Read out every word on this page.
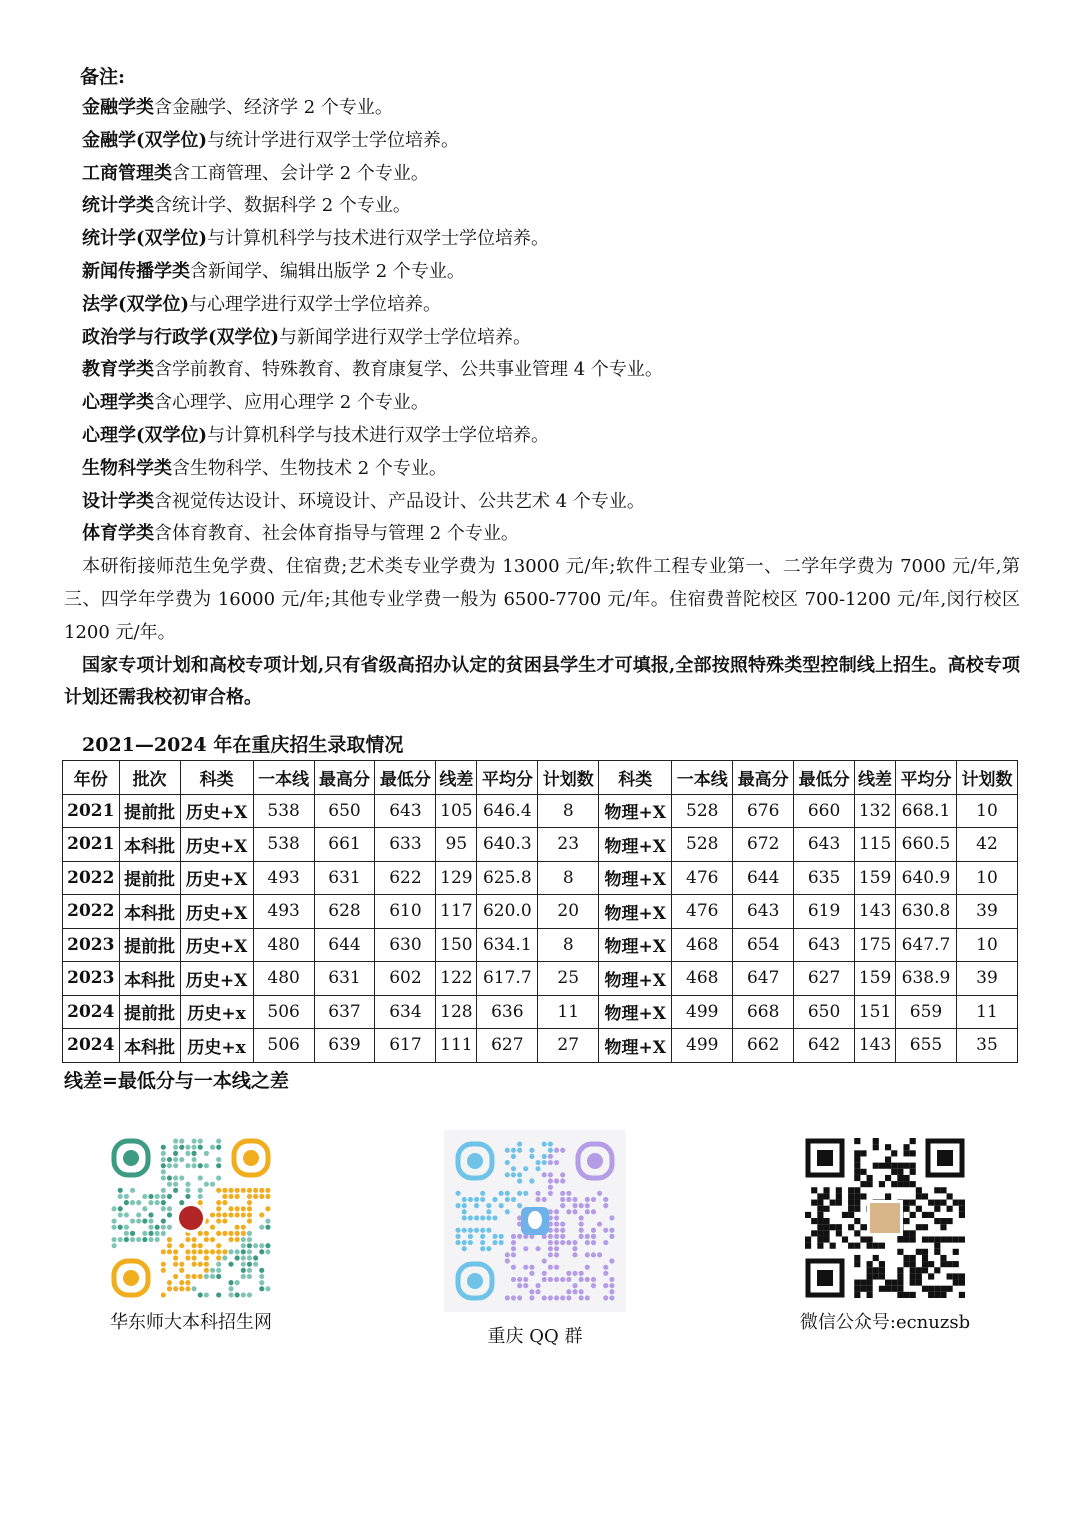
备注:
金融学类含金融学、经济学 2 个专业。
金融学(双学位)与统计学进行双学士学位培养。
工商管理类含工商管理、会计学 2 个专业。
统计学类含统计学、数据科学 2 个专业。
统计学(双学位)与计算机科学与技术进行双学士学位培养。
新闻传播学类含新闻学、编辑出版学 2 个专业。
法学(双学位)与心理学进行双学士学位培养。
政治学与行政学(双学位)与新闻学进行双学士学位培养。
教育学类含学前教育、特殊教育、教育康复学、公共事业管理 4 个专业。
心理学类含心理学、应用心理学 2 个专业。
心理学(双学位)与计算机科学与技术进行双学士学位培养。
生物科学类含生物科学、生物技术 2 个专业。
设计学类含视觉传达设计、环境设计、产品设计、公共艺术 4 个专业。
体育学类含体育教育、社会体育指导与管理 2 个专业。
本研衔接师范生免学费、住宿费;艺术类专业学费为 13000 元/年;软件工程专业第一、二学年学费为 7000 元/年,第三、四学年学费为 16000 元/年;其他专业学费一般为 6500-7700 元/年。住宿费普陀校区 700-1200 元/年,闵行校区 1200 元/年。
国家专项计划和高校专项计划,只有省级高招办认定的贫困县学生才可填报,全部按照特殊类型控制线上招生。高校专项计划还需我校初审合格。
2021—2024 年在重庆招生录取情况
年份	批次	科类	一本线	最高分	最低分	线差	平均分	计划数	科类	一本线	最高分	最低分	线差	平均分	计划数
2021	提前批	历史+X	538	650	643	105	646.4	8	物理+X	528	676	660	132	668.1	10
2021	本科批	历史+X	538	661	633	95	640.3	23	物理+X	528	672	643	115	660.5	42
2022	提前批	历史+X	493	631	622	129	625.8	8	物理+X	476	644	635	159	640.9	10
2022	本科批	历史+X	493	628	610	117	620.0	20	物理+X	476	643	619	143	630.8	39
2023	提前批	历史+X	480	644	630	150	634.1	8	物理+X	468	654	643	175	647.7	10
2023	本科批	历史+X	480	631	602	122	617.7	25	物理+X	468	647	627	159	638.9	39
2024	提前批	历史+x	506	637	634	128	636	11	物理+X	499	668	650	151	659	11
2024	本科批	历史+x	506	639	617	111	627	27	物理+X	499	662	642	143	655	35
线差=最低分与一本线之差
华东师大本科招生网
重庆 QQ 群
微信公众号:ecnuzsb
